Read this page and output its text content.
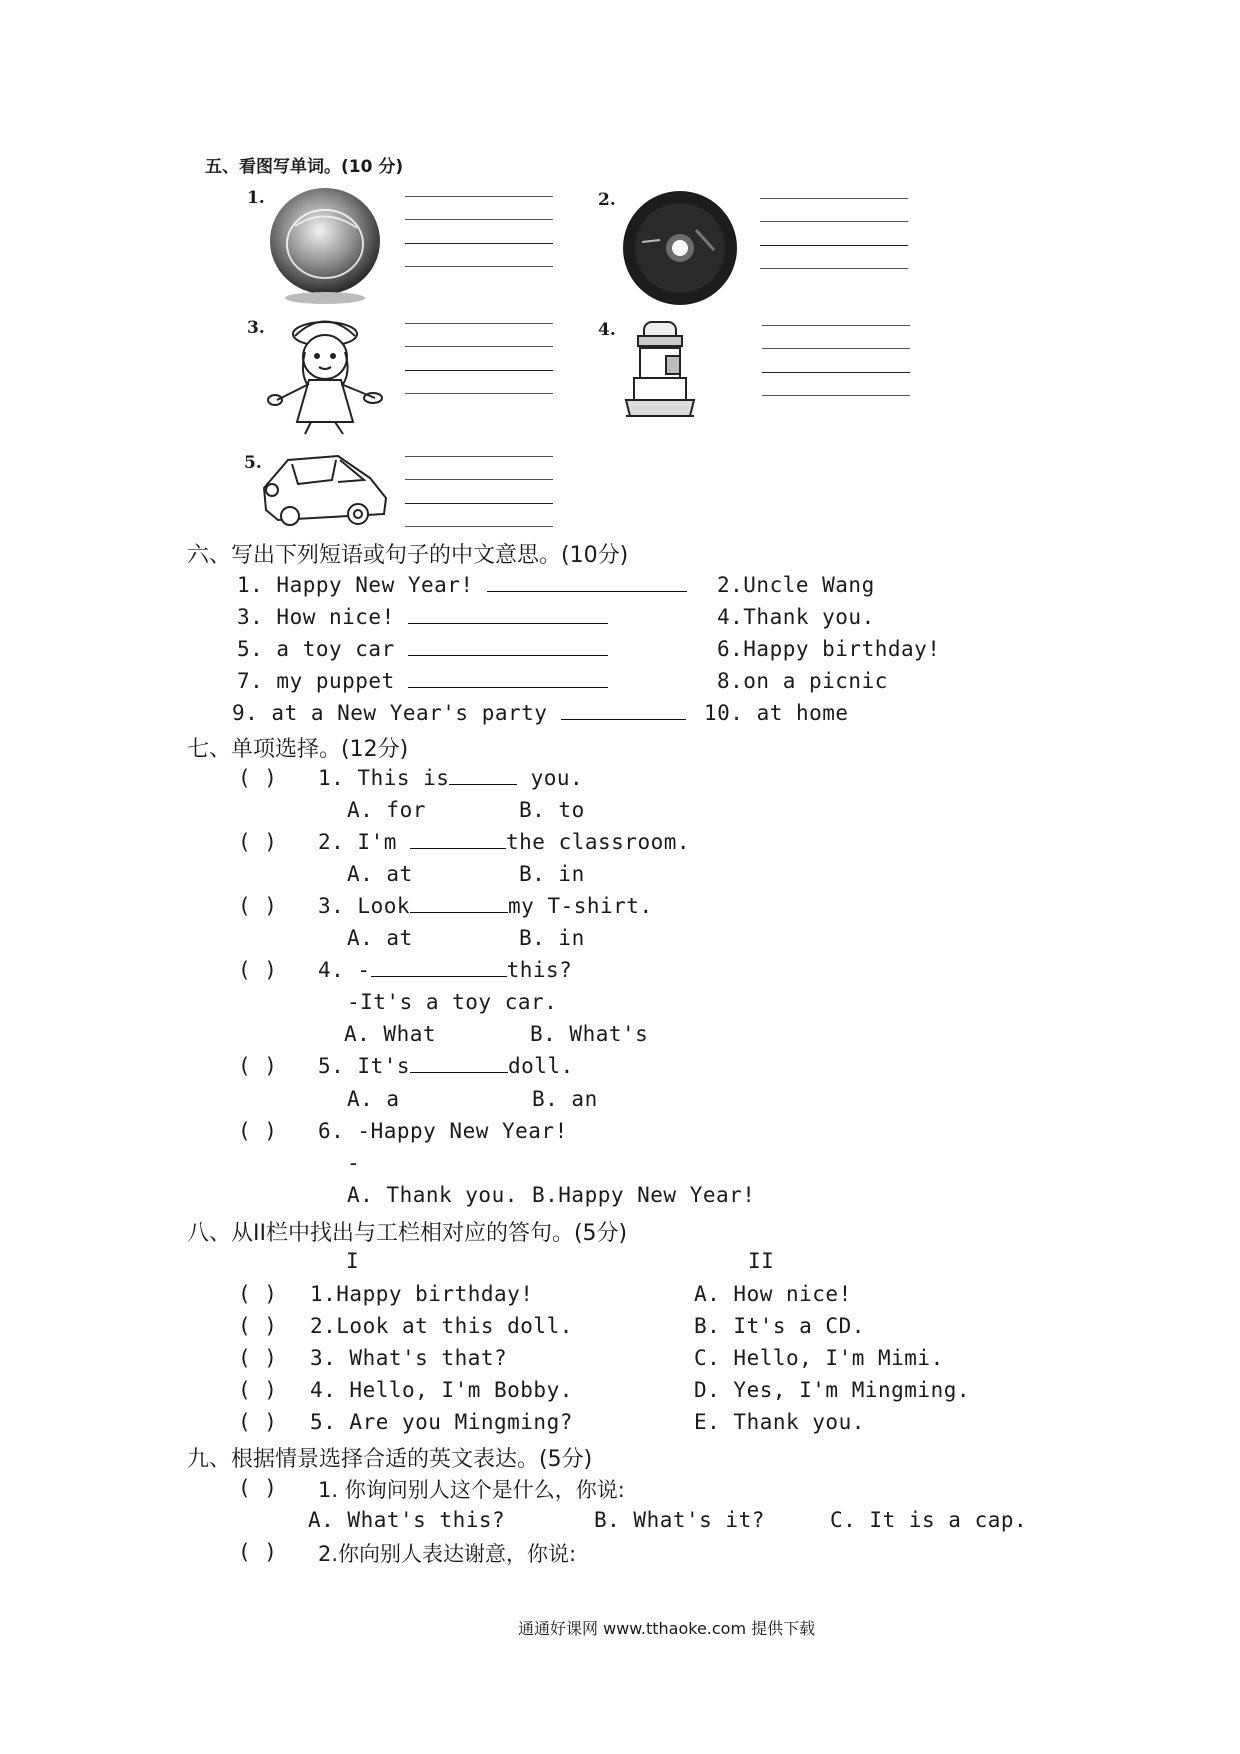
五、看图写单词。(10 分)
1.	2.
3.	4.
5.
六、写出下列短语或句子的中文意思。(10分)
1. Happy New Year!	2.Uncle Wang
3. How nice!	4.Thank you.
5. a toy car	6.Happy birthday!
7. my puppet	8.on a picnic
9. at a New Year's party	10. at home
七、单项选择。(12分)
( ) 1. This is	you.
A. for	B. to
( ) 2. I'm	the classroom.
A. at	B. in
( ) 3. Look	my T-shirt.
A. at	B. in
( ) 4. -	this?
-It's a toy car.
A. What	B. What's
( ) 5. It's	doll.
A. a	B. an
( ) 6. -Happy New Year!
-
A. Thank you. B.Happy New Year!
八、从II栏中找出与工栏相对应的答句。(5分)
I	II
( ) 1.Happy birthday!	A. How nice!
( ) 2.Look at this doll.	B. It's a CD.
( ) 3. What's that?	C. Hello, I'm Mimi.
( ) 4. Hello, I'm Bobby.	D. Yes, I'm Mingming.
( ) 5. Are you Mingming?	E. Thank you.
九、根据情景选择合适的英文表达。(5分)
( ) 1. 你询问别人这个是什么，你说:
A. What's this?	B. What's it?	C. It is a cap.
( ) 2.你向别人表达谢意，你说:
通通好课网 www.tthaoke.com 提供下载
